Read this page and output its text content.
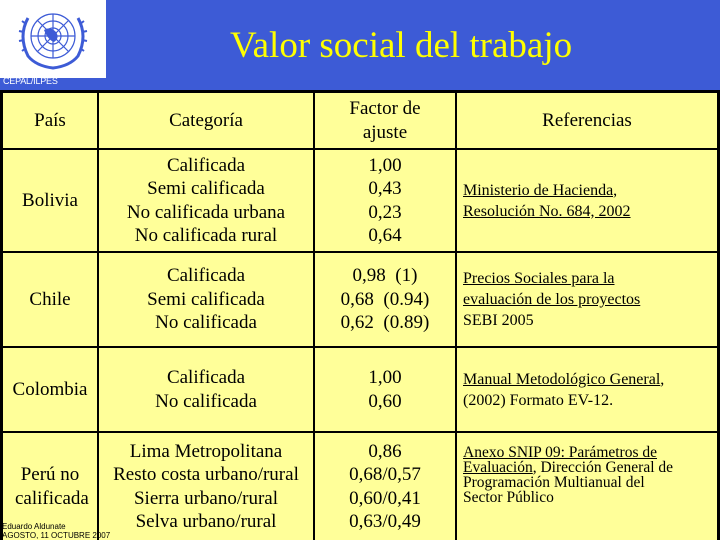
CEPAL/ILPES
Valor social del trabajo
País	Categoría
Factor de ajuste
Referencias
Bolivia
Calificada
Semi calificada
No calificada urbana
No calificada rural
1,00
0,43
0,23
0,64
Ministerio de Hacienda,
Resolución No. 684, 2002
Chile
Calificada
Semi calificada
No calificada
0,98  (1)
0,68  (0.94)
0,62  (0.89)
Precios Sociales para la
evaluación de los proyectos
SEBI 2005
Colombia
Calificada
No calificada
1,00
0,60
Manual Metodológico General,
(2002) Formato EV-12.
Perú no calificada
Lima Metropolitana
Resto costa urbano/rural
Sierra urbano/rural
Selva urbano/rural
0,86
0,68/0,57
0,60/0,41
0,63/0,49
Anexo SNIP 09: Parámetros de
Evaluación, Dirección General de
Programación Multianual del
Sector Público
Eduardo Aldunate
AGOSTO, 11 OCTUBRE 2007
